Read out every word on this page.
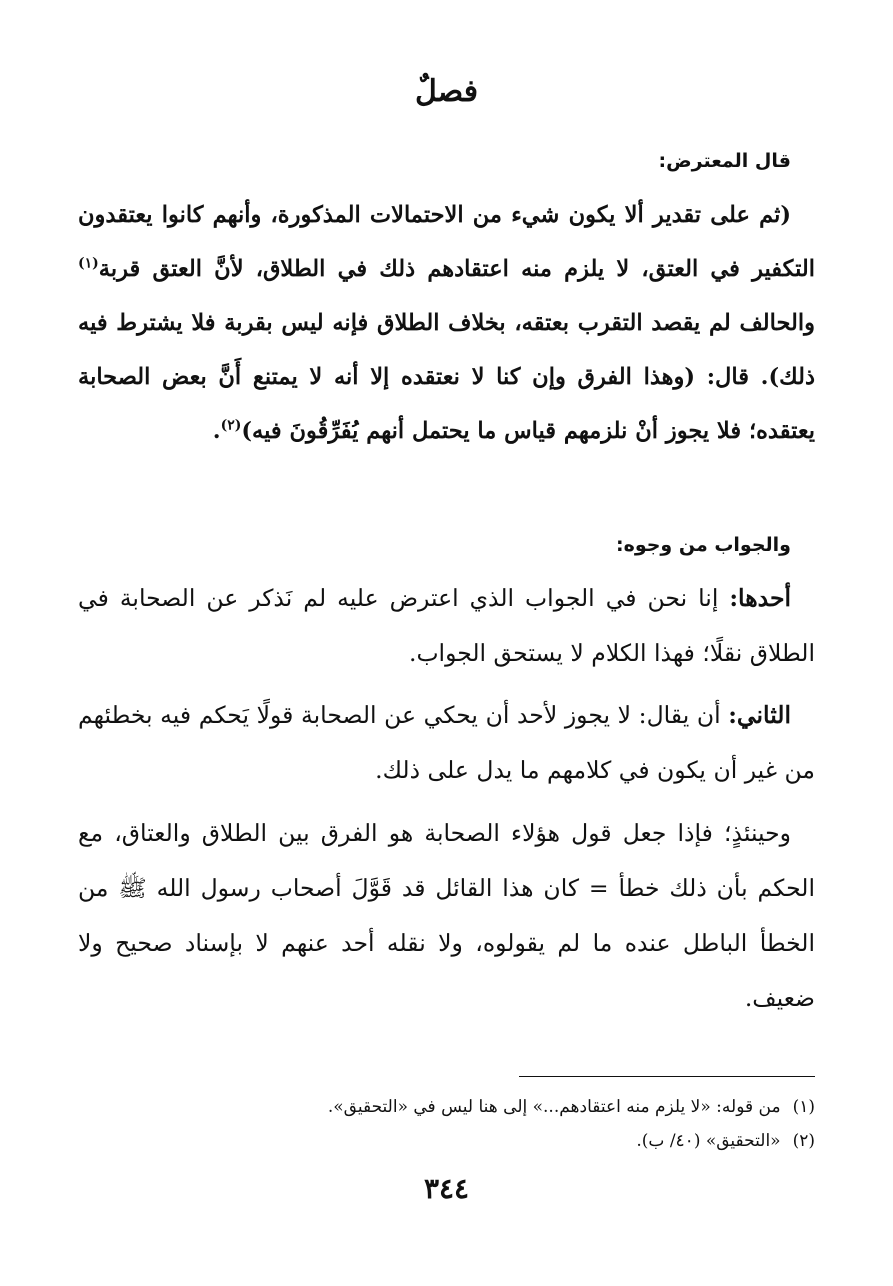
فصلٌ
قال المعترض:

(ثم على تقدير ألا يكون شيء من الاحتمالات المذكورة، وأنهم كانوا يعتقدون التكفير في العتق، لا يلزم منه اعتقادهم ذلك في الطلاق، لأنَّ العتق قربة$^{(١)}$ والحالف لم يقصد التقرب بعتقه، بخلاف الطلاق فإنه ليس بقربة فلا يشترط فيه ذلك). قال: (وهذا الفرق وإن كنا لا نعتقده إلا أنه لا يمتنع أَنَّ بعض الصحابة يعتقده؛ فلا يجوز أنْ نلزمهم قياس ما يحتمل أنهم يُفَرِّقُونَ فيه)$^{(٢)}$.

والجواب من وجوه:

أحدها: إنا نحن في الجواب الذي اعترض عليه لم نَذكر عن الصحابة في الطلاق نقلًا؛ فهذا الكلام لا يستحق الجواب.

الثاني: أن يقال: لا يجوز لأحد أن يحكي عن الصحابة قولًا يَحكم فيه بخطئهم من غير أن يكون في كلامهم ما يدل على ذلك.

وحينئذٍ؛ فإذا جعل قول هؤلاء الصحابة هو الفرق بين الطلاق والعتاق، مع الحكم بأن ذلك خطأ = كان هذا القائل قد قَوَّلَ أصحاب رسول الله ﷺ من الخطأ الباطل عنده ما لم يقولوه، ولا نقله أحد عنهم لا بإسناد صحيح ولا ضعيف.

(١)من قوله: «لا يلزم منه اعتقادهم...» إلى هنا ليس في «التحقيق».
(٢)«التحقيق» (٤٠/ ب).
٣٤٤
